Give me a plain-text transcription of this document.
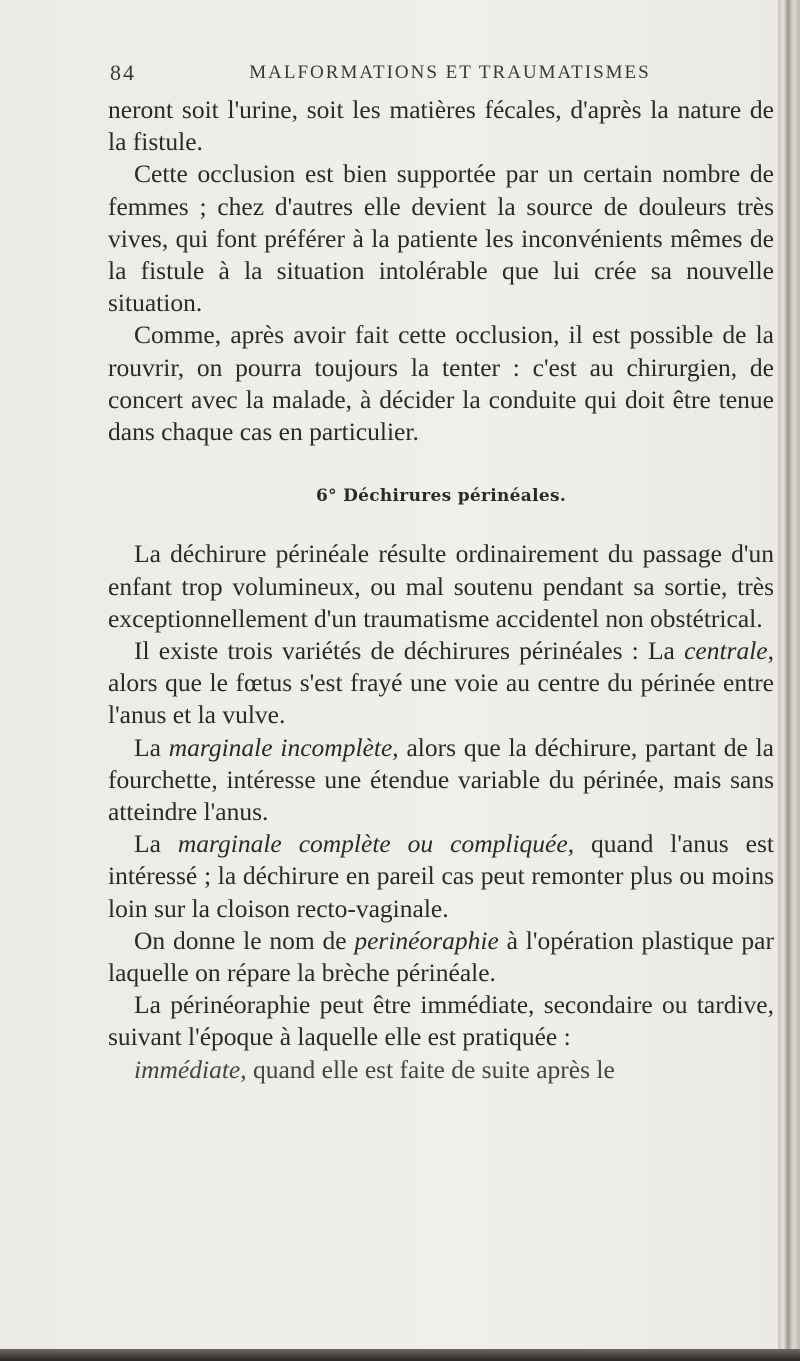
84	MALFORMATIONS ET TRAUMATISMES

neront soit l'urine, soit les matières fécales, d'après la nature de la fistule.

Cette occlusion est bien supportée par un certain nombre de femmes ; chez d'autres elle devient la source de douleurs très vives, qui font préférer à la patiente les inconvénients mêmes de la fistule à la situation intolérable que lui crée sa nouvelle situation.

Comme, après avoir fait cette occlusion, il est possible de la rouvrir, on pourra toujours la tenter : c'est au chirurgien, de concert avec la malade, à décider la conduite qui doit être tenue dans chaque cas en particulier.

6° Déchirures périnéales.

La déchirure périnéale résulte ordinairement du passage d'un enfant trop volumineux, ou mal soutenu pendant sa sortie, très exceptionnellement d'un traumatisme accidentel non obstétrical.

Il existe trois variétés de déchirures périnéales : La centrale, alors que le fœtus s'est frayé une voie au centre du périnée entre l'anus et la vulve.

La marginale incomplète, alors que la déchirure, partant de la fourchette, intéresse une étendue variable du périnée, mais sans atteindre l'anus.

La marginale complète ou compliquée, quand l'anus est intéressé ; la déchirure en pareil cas peut remonter plus ou moins loin sur la cloison recto-vaginale.

On donne le nom de perinéoraphie à l'opération plastique par laquelle on répare la brèche périnéale.

La périnéoraphie peut être immédiate, secondaire ou tardive, suivant l'époque à laquelle elle est pratiquée :

immédiate, quand elle est faite de suite après le
